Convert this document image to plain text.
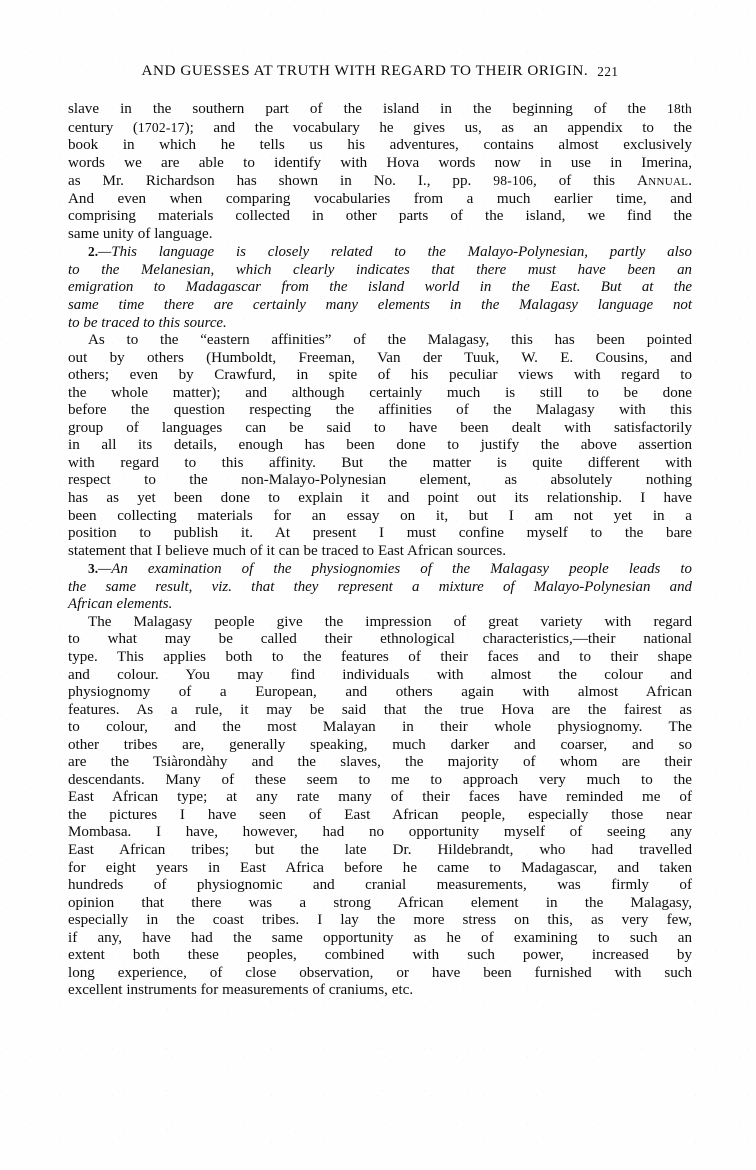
AND GUESSES AT TRUTH WITH REGARD TO THEIR ORIGIN. 221

slave in the southern part of the island in the beginning of the 18th
century (1702-17); and the vocabulary he gives us, as an appendix to the
book in which he tells us his adventures, contains almost exclusively
words we are able to identify with Hova words now in use in Imerina,
as Mr. Richardson has shown in No. I., pp. 98-106, of this Annual.
And even when comparing vocabularies from a much earlier time, and
comprising materials collected in other parts of the island, we find the
same unity of language.

2.—This language is closely related to the Malayo-Polynesian, partly also
to the Melanesian, which clearly indicates that there must have been an
emigration to Madagascar from the island world in the East. But at the
same time there are certainly many elements in the Malagasy language not
to be traced to this source.

As to the “eastern affinities” of the Malagasy, this has been pointed
out by others (Humboldt, Freeman, Van der Tuuk, W. E. Cousins, and
others; even by Crawfurd, in spite of his peculiar views with regard to
the whole matter); and although certainly much is still to be done
before the question respecting the affinities of the Malagasy with this
group of languages can be said to have been dealt with satisfactorily
in all its details, enough has been done to justify the above assertion
with regard to this affinity. But the matter is quite different with
respect to the non-Malayo-Polynesian element, as absolutely nothing
has as yet been done to explain it and point out its relationship. I have
been collecting materials for an essay on it, but I am not yet in a
position to publish it. At present I must confine myself to the bare
statement that I believe much of it can be traced to East African sources.

3.—An examination of the physiognomies of the Malagasy people leads to
the same result, viz. that they represent a mixture of Malayo-Polynesian and
African elements.

The Malagasy people give the impression of great variety with regard
to what may be called their ethnological characteristics,—their national
type. This applies both to the features of their faces and to their shape
and colour. You may find individuals with almost the colour and
physiognomy of a European, and others again with almost African
features. As a rule, it may be said that the true Hova are the fairest as
to colour, and the most Malayan in their whole physiognomy. The
other tribes are, generally speaking, much darker and coarser, and so
are the Tsiàrondàhy and the slaves, the majority of whom are their
descendants. Many of these seem to me to approach very much to the
East African type; at any rate many of their faces have reminded me of
the pictures I have seen of East African people, especially those near
Mombasa. I have, however, had no opportunity myself of seeing any
East African tribes; but the late Dr. Hildebrandt, who had travelled
for eight years in East Africa before he came to Madagascar, and taken
hundreds of physiognomic and cranial measurements, was firmly of
opinion that there was a strong African element in the Malagasy,
especially in the coast tribes. I lay the more stress on this, as very few,
if any, have had the same opportunity as he of examining to such an
extent both these peoples, combined with such power, increased by
long experience, of close observation, or have been furnished with such
excellent instruments for measurements of craniums, etc.
